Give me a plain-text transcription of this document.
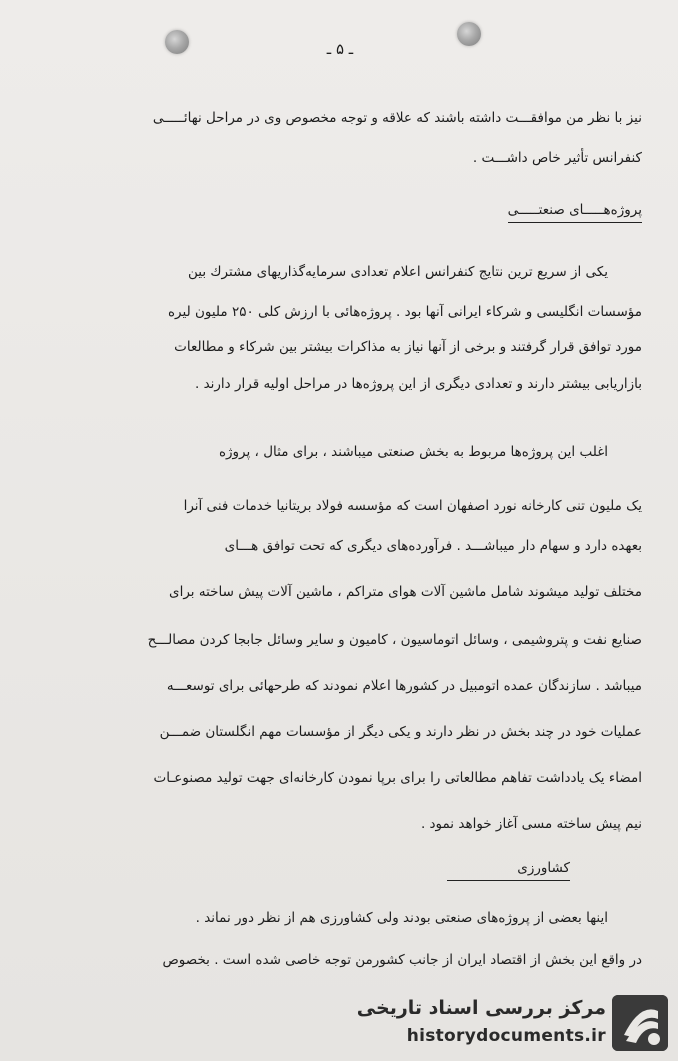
ـ ۵ ـ
نیز با نظر من موافقـــت داشته باشند که علاقه و توجه مخصوص وی در مراحل نهائـــــی
کنفرانس تأثیر خاص داشـــت .
پروژه‌هـــــای صنعتـــــی
یکی از سریع ترین نتایج کنفرانس اعلام تعدادی سرمایه‌گذاریهای مشترك بین
مؤسسات انگلیسی و شرکاء ایرانی آنها بود . پروژه‌هائی با ارزش کلی ۲۵۰ ملیون لیره
مورد توافق قرار گرفتند و برخی از آنها نیاز به مذاکرات بیشتر بین شرکاء و مطالعات
بازاریابی بیشتر دارند و تعدادی دیگری از این پروژه‌ها در مراحل اولیه قرار دارند .
اغلب این پروژه‌ها مربوط به بخش صنعتی میباشند ، برای مثال ، پروژه
یک ملیون تنی کارخانه نورد اصفهان است که مؤسسه فولاد بریتانیا خدمات فنی آنرا
بعهده دارد و سهام دار میباشـــد . فرآورده‌های دیگری که تحت توافق هـــای
مختلف تولید میشوند شامل ماشین آلات هوای متراکم ، ماشین آلات پیش ساخته برای
صنایع نفت و پتروشیمی ، وسائل اتوماسیون ، کامیون و سایر وسائل جابجا کردن مصالـــح
میباشد . سازندگان عمده اتومبیل در کشورها اعلام نمودند که طرحهائی برای توسعـــه
عملیات خود در چند بخش در نظر دارند و یکی دیگر از مؤسسات مهم انگلستان ضمـــن
امضاء یک یادداشت تفاهم مطالعاتی را برای برپا نمودن کارخانه‌ای جهت تولید مصنوعـات
نیم پیش ساخته مسی آغاز خواهد نمود .
کشاورزی
اینها بعضی از پروژه‌های صنعتی بودند ولی کشاورزی هم از نظر دور نماند .
در واقع این بخش از اقتصاد ایران از جانب کشورمن توجه خاصی شده است . بخصوص
مرکز بررسی اسناد تاریخی
historydocuments.ir
